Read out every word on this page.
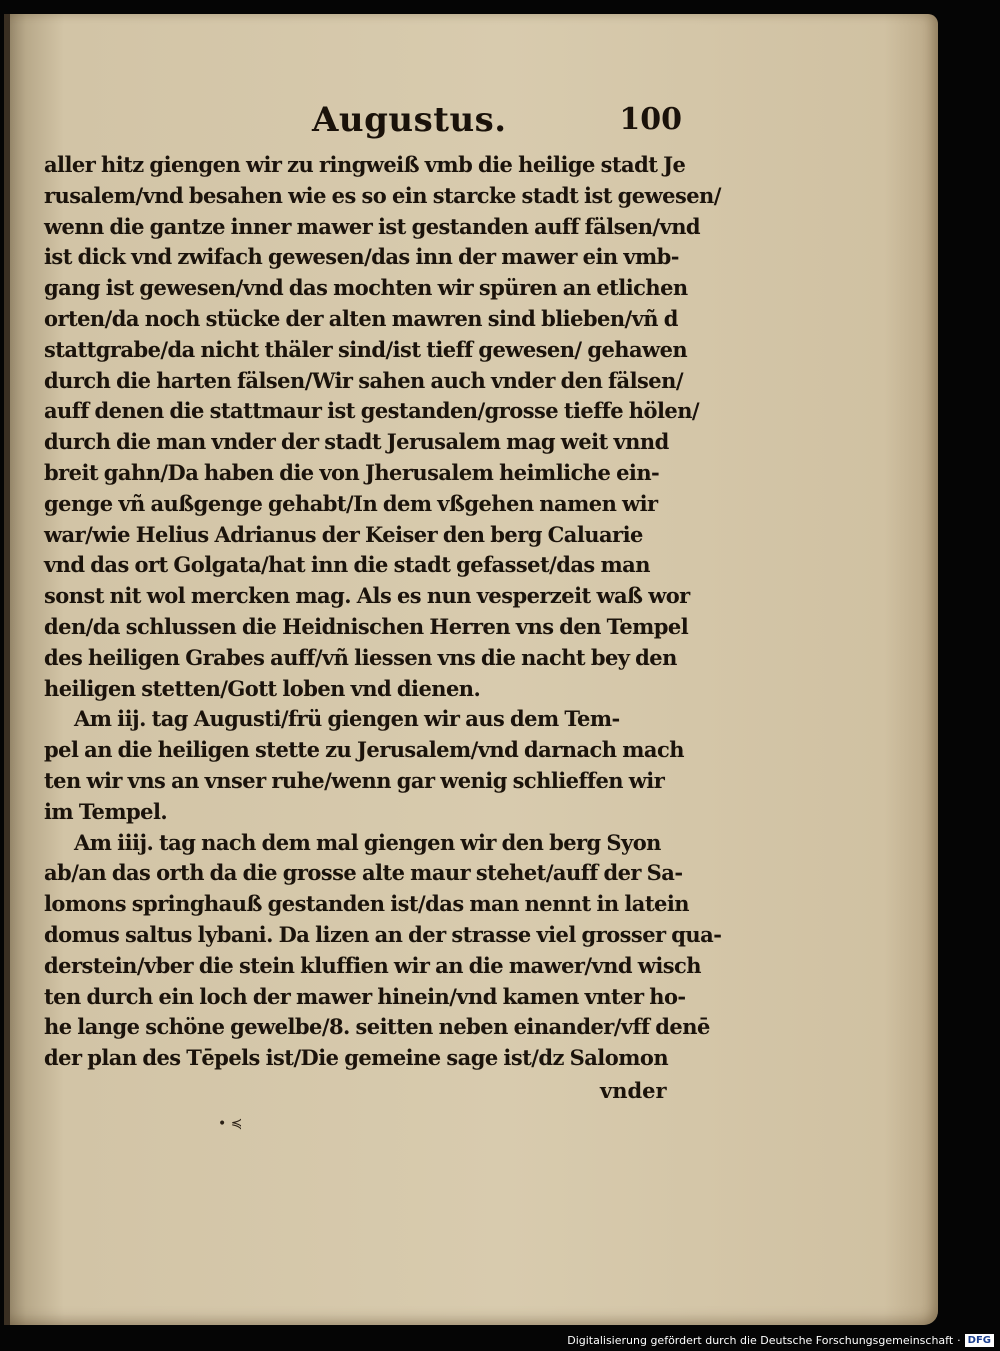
Augustus.	100
aller hitz giengen wir zu ringweiß vmb die heilige stadt Je
rusalem/vnd besahen wie es so ein starcke stadt ist gewesen/
wenn die gantze inner mawer ist gestanden auff fälsen/vnd
ist dick vnd zwifach gewesen/das inn der mawer ein vmb-
gang ist gewesen/vnd das mochten wir spüren an etlichen
orten/da noch stücke der alten mawren sind blieben/vñ d
stattgrabe/da nicht thäler sind/ist tieff gewesen/ gehawen
durch die harten fälsen/Wir sahen auch vnder den fälsen/
auff denen die stattmaur ist gestanden/grosse tieffe hölen/
durch die man vnder der stadt Jerusalem mag weit vnnd
breit gahn/Da haben die von Jherusalem heimliche ein-
genge vñ außgenge gehabt/In dem vßgehen namen wir
war/wie Helius Adrianus der Keiser den berg Caluarie
vnd das ort Golgata/hat inn die stadt gefasset/das man
sonst nit wol mercken mag. Als es nun vesperzeit waß wor
den/da schlussen die Heidnischen Herren vns den Tempel
des heiligen Grabes auff/vñ liessen vns die nacht bey den
heiligen stetten/Gott loben vnd dienen.
Am iij. tag Augusti/frü giengen wir aus dem Tem-
pel an die heiligen stette zu Jerusalem/vnd darnach mach
ten wir vns an vnser ruhe/wenn gar wenig schlieffen wir
im Tempel.
Am iiij. tag nach dem mal giengen wir den berg Syon
ab/an das orth da die grosse alte maur stehet/auff der Sa-
lomons springhauß gestanden ist/das man nennt in latein
domus saltus lybani. Da lizen an der strasse viel grosser qua-
derstein/vber die stein kluffien wir an die mawer/vnd wisch
ten durch ein loch der mawer hinein/vnd kamen vnter ho-
he lange schöne gewelbe/8. seitten neben einander/vff denē
der plan des Tēpels ist/Die gemeine sage ist/dz Salomon
vnder
• ≼
Digitalisierung gefördert durch die Deutsche Forschungsgemeinschaft · DFG
